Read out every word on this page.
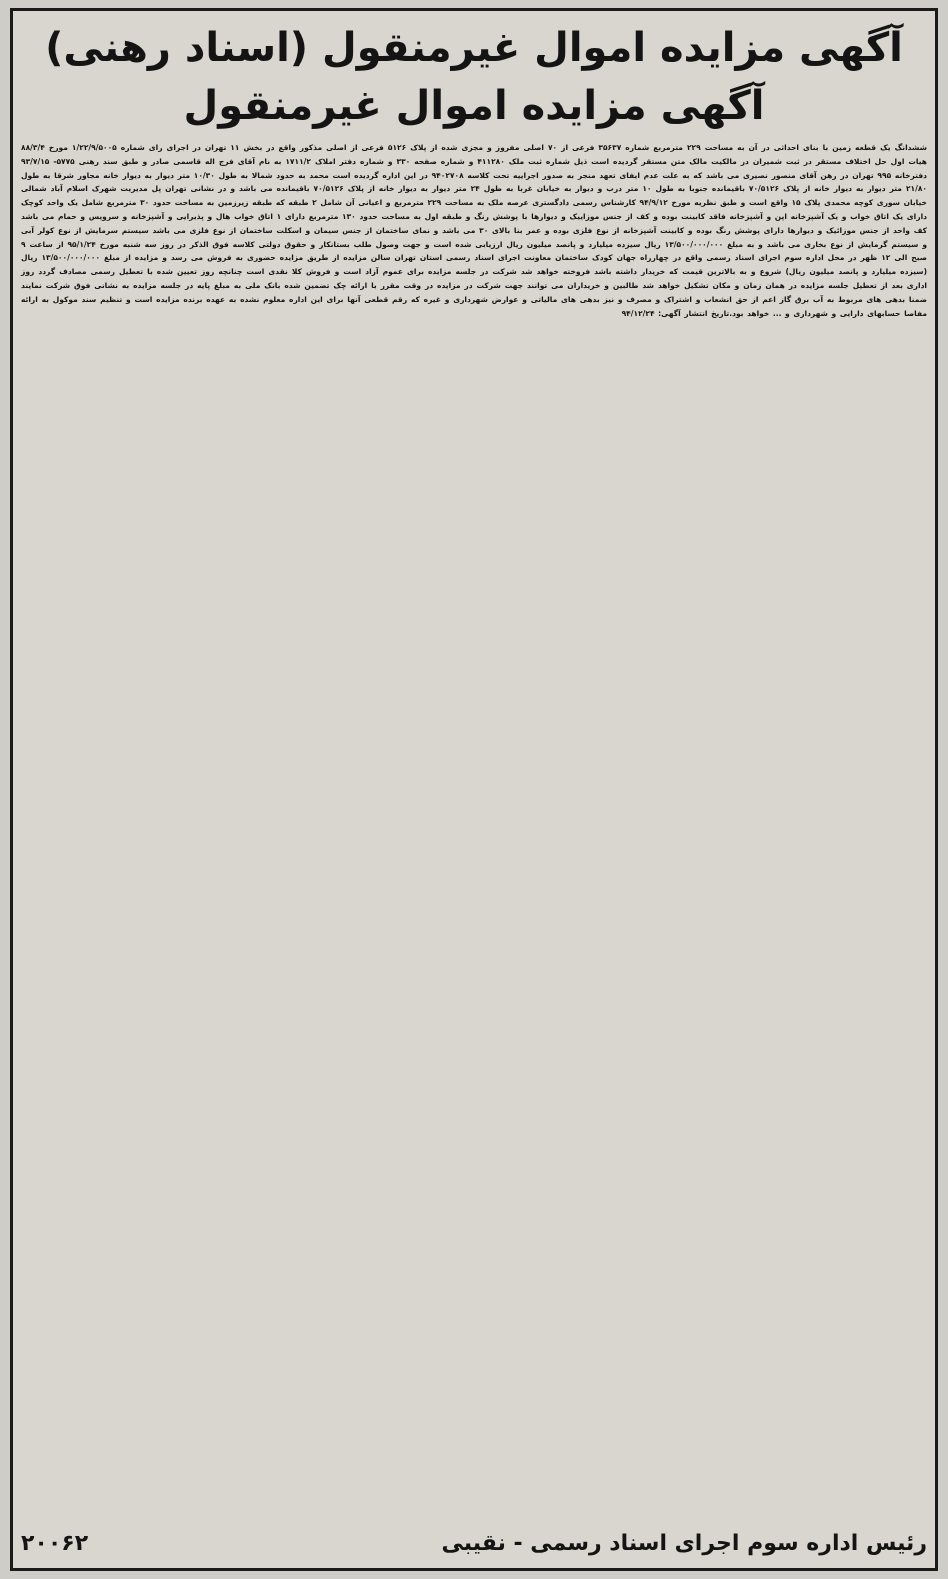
آگهی مزایده اموال غیرمنقول (اسناد رهنی)
آگهی مزایده اموال غیرمنقول

ششدانگ یک قطعه زمین با بنای احداثی در آن به مساحت ۲۲۹ مترمربع شماره ۳۵۶۳۷ فرعی از ۷۰ اصلی مفروز و مجزی شده از پلاک ۵۱۲۶ فرعی از اصلی مذکور واقع در بخش ۱۱ تهران در اجرای رای شماره ۱/۲۲/۹/۵۰۰۵ مورخ ۸۸/۳/۴ هیات اول حل اختلاف مستقر در ثبت شمیران در مالکیت مالک متن مستقر گردیده است ذیل شماره ثبت ملک ۴۱۱۲۸۰ و شماره صفحه ۳۳۰ و شماره دفتر املاک ۱۷۱۱/۲ به نام آقای فرج اله قاسمی صادر و طبق سند رهنی ۵۷۷۵- ۹۳/۷/۱۵ دفترخانه ۹۹۵ تهران در رهن آقای منصور نصیری می باشد که به علت عدم ایفای تعهد منجر به صدور اجراییه تحت کلاسه ۹۴۰۲۷۰۸ در این اداره گردیده است محمد به حدود شمالا به طول ۱۰/۳۰ متر دیوار به دیوار خانه مجاور شرقا به طول ۲۱/۸۰ متر دیوار به دیوار خانه از پلاک ۷۰/۵۱۲۶ باقیمانده جنوبا به طول ۱۰ متر درب و دیوار به خیابان غربا به طول ۲۴ متر دیوار به دیوار خانه از پلاک ۷۰/۵۱۲۶ باقیمانده می باشد و در نشانی تهران پل مدیریت شهرک اسلام آباد شمالی خیابان سوری کوچه محمدی پلاک ۱۵ واقع است و طبق نظریه مورخ ۹۴/۹/۱۲ کارشناس رسمی دادگستری عرصه ملک به مساحت ۲۲۹ مترمربع و اعیانی آن شامل ۲ طبقه که طبقه زیرزمین به مساحت حدود ۳۰ مترمربع شامل یک واحد کوچک دارای یک اتاق خواب و یک آشپزخانه اپن و آشپزخانه فاقد کابینت بوده و کف از جنس موزاییک و دیوارها با پوشش رنگ و طبقه اول به مساحت حدود ۱۳۰ مترمربع دارای ۱ اتاق خواب هال و پذیرایی و آشپزخانه و سرویس و حمام می باشد کف واحد از جنس موزائیک و دیوارها دارای پوشش رنگ بوده و کابینت آشپزخانه از نوع فلزی بوده و عمر بنا بالای ۳۰ می باشد و نمای ساختمان از جنس سیمان و اسکلت ساختمان از نوع فلزی می باشد سیستم سرمایش از نوع کولر آبی و سیستم گرمایش از نوع بخاری می باشد و به مبلغ ۱۳/۵۰۰/۰۰۰/۰۰۰ ریال سیزده میلیارد و پانصد میلیون ریال ارزیابی شده است و جهت وصول طلب بستانکار و حقوق دولتی کلاسه فوق الذکر در روز سه شنبه مورخ ۹۵/۱/۲۴ از ساعت ۹ صبح الی ۱۲ ظهر در محل اداره سوم اجرای اسناد رسمی واقع در چهارراه جهان کودک ساختمان معاونت اجرای اسناد رسمی استان تهران سالن مزایده از طریق مزایده حضوری به فروش می رسد و مزایده از مبلغ ۱۳/۵۰۰/۰۰۰/۰۰۰ ریال (سیزده میلیارد و پانصد میلیون ریال) شروع و به بالاترین قیمت که خریدار داشته باشد فروخته خواهد شد شرکت در جلسه مزایده برای عموم آزاد است و فروش کلا نقدی است چنانچه روز تعیین شده با تعطیل رسمی مصادف گردد روز اداری بعد از تعطیل جلسه مزایده در همان زمان و مکان تشکیل خواهد شد طالبین و خریداران می توانند جهت شرکت در مزایده در وقت مقرر با ارائه چک تضمین شده بانک ملی به مبلغ پایه در جلسه مزایده به نشانی فوق شرکت نمایند ضمنا بدهی های مربوط به آب برق گاز اعم از حق انشعاب و اشتراک و مصرف و نیز بدهی های مالیاتی و عوارض شهرداری و غیره که رقم قطعی آنها برای این اداره معلوم نشده به عهده برنده مزایده است و تنظیم سند موکول به ارائه مفاصا حسابهای دارایی و شهرداری و ... خواهد بود.تاریخ انتشار آگهی: ۹۴/۱۲/۲۴

رئیس اداره سوم اجرای اسناد رسمی - نقیبی
۲۰۰۶۲
